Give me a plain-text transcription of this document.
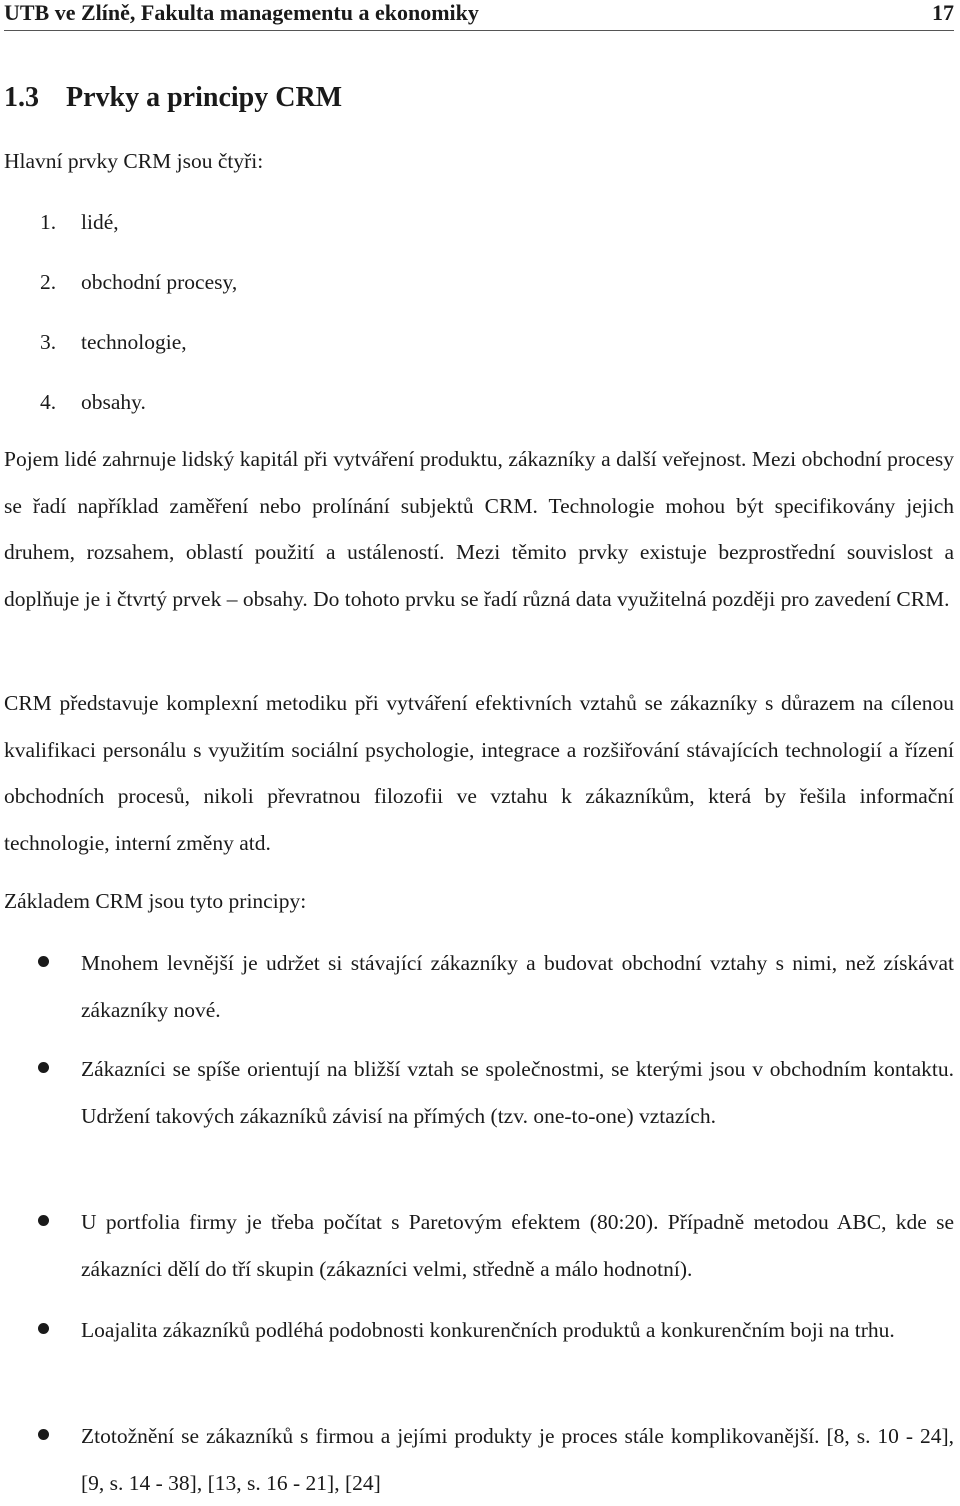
UTB ve Zlíně, Fakulta managementu a ekonomiky	17
1.3 Prvky a principy CRM
Hlavní prvky CRM jsou čtyři:
1. lidé,
2. obchodní procesy,
3. technologie,
4. obsahy.
Pojem lidé zahrnuje lidský kapitál při vytváření produktu, zákazníky a další veřejnost. Mezi obchodní procesy se řadí například zaměření nebo prolínání subjektů CRM. Technologie mohou být specifikovány jejich druhem, rozsahem, oblastí použití a ustáleností. Mezi těmito prvky existuje bezprostřední souvislost a doplňuje je i čtvrtý prvek – obsahy. Do tohoto prvku se řadí různá data využitelná později pro zavedení CRM.
CRM představuje komplexní metodiku při vytváření efektivních vztahů se zákazníky s důrazem na cílenou kvalifikaci personálu s využitím sociální psychologie, integrace a rozšiřování stávajících technologií a řízení obchodních procesů, nikoli převratnou filozofii ve vztahu k zákazníkům, která by řešila informační technologie, interní změny atd.
Základem CRM jsou tyto principy:
Mnohem levnější je udržet si stávající zákazníky a budovat obchodní vztahy s nimi, než získávat zákazníky nové.
Zákazníci se spíše orientují na bližší vztah se společnostmi, se kterými jsou v obchodním kontaktu. Udržení takových zákazníků závisí na přímých (tzv. one-to-one) vztazích.
U portfolia firmy je třeba počítat s Paretovým efektem (80:20). Případně metodou ABC, kde se zákazníci dělí do tří skupin (zákazníci velmi, středně a málo hodnotní).
Loajalita zákazníků podléhá podobnosti konkurenčních produktů a konkurenčním boji na trhu.
Ztotožnění se zákazníků s firmou a jejími produkty je proces stále komplikovanější. [8, s. 10 - 24], [9, s. 14 - 38], [13, s. 16 - 21], [24]
